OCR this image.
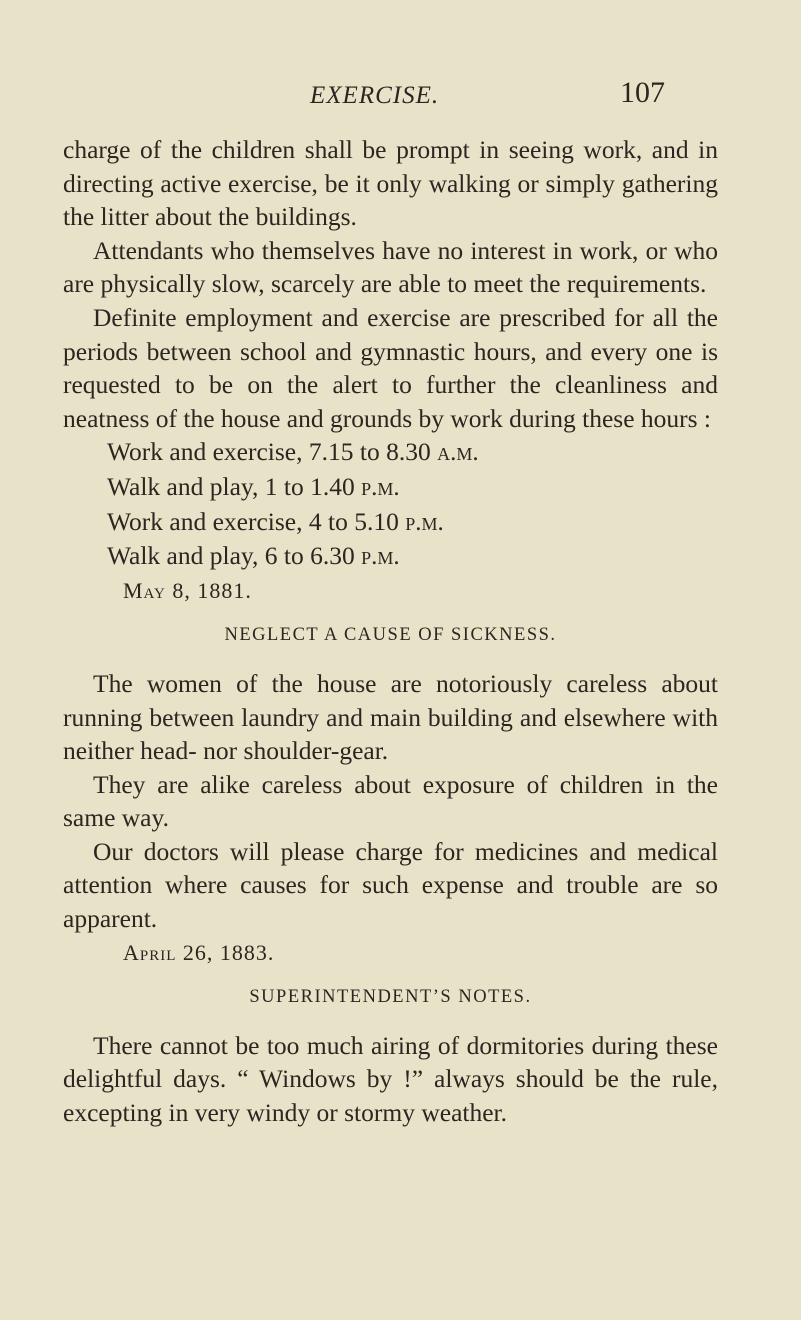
EXERCISE.	107

charge of the children shall be prompt in seeing work, and in directing active exercise, be it only walking or simply gathering the litter about the buildings.

Attendants who themselves have no interest in work, or who are physically slow, scarcely are able to meet the requirements.

Definite employment and exercise are prescribed for all the periods between school and gymnastic hours, and every one is requested to be on the alert to further the cleanliness and neatness of the house and grounds by work during these hours :

Work and exercise, 7.15 to 8.30 a.m.

Walk and play, 1 to 1.40 p.m.

Work and exercise, 4 to 5.10 p.m.

Walk and play, 6 to 6.30 p.m.

May 8, 1881.

NEGLECT A CAUSE OF SICKNESS.

The women of the house are notoriously careless about running between laundry and main building and elsewhere with neither head- nor shoulder-gear.

They are alike careless about exposure of children in the same way.

Our doctors will please charge for medicines and medical attention where causes for such expense and trouble are so apparent.

April 26, 1883.

SUPERINTENDENT’S NOTES.

There cannot be too much airing of dormitories during these delightful days. “ Windows by !” always should be the rule, excepting in very windy or stormy weather.
